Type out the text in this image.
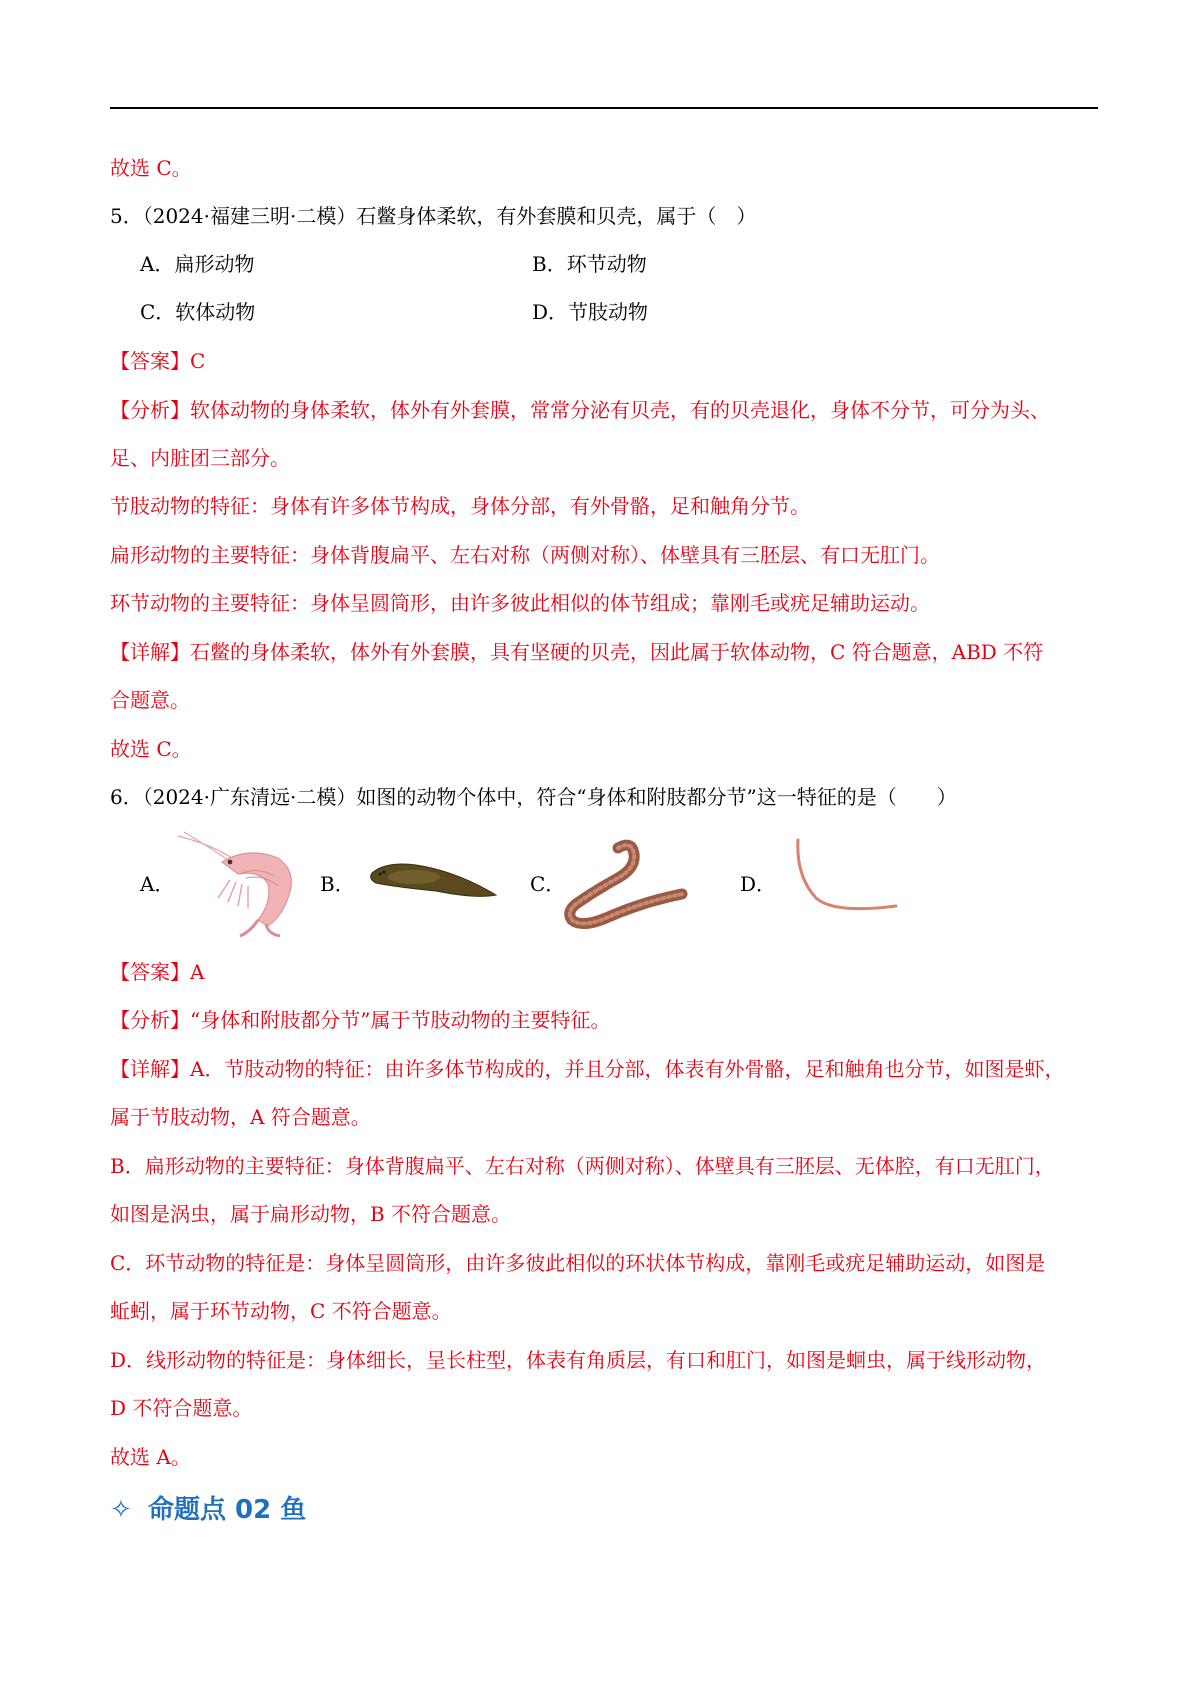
故选 C。
5．（2024·福建三明·二模）石鳖身体柔软，有外套膜和贝壳，属于（　）
A．扁形动物	B．环节动物
C．软体动物	D．节肢动物
【答案】C
【分析】软体动物的身体柔软，体外有外套膜，常常分泌有贝壳，有的贝壳退化，身体不分节，可分为头、
足、内脏团三部分。
节肢动物的特征：身体有许多体节构成，身体分部，有外骨骼，足和触角分节。
扁形动物的主要特征：身体背腹扁平、左右对称（两侧对称）、体壁具有三胚层、有口无肛门。
环节动物的主要特征：身体呈圆筒形，由许多彼此相似的体节组成；靠刚毛或疣足辅助运动。
【详解】石鳖的身体柔软，体外有外套膜，具有坚硬的贝壳，因此属于软体动物，C 符合题意，ABD 不符
合题意。
故选 C。
6．（2024·广东清远·二模）如图的动物个体中，符合“身体和附肢都分节”这一特征的是（　　）
A．	B．	C．	D．
【答案】A
【分析】“身体和附肢都分节”属于节肢动物的主要特征。
【详解】A．节肢动物的特征：由许多体节构成的，并且分部，体表有外骨骼，足和触角也分节，如图是虾，
属于节肢动物，A 符合题意。
B．扁形动物的主要特征：身体背腹扁平、左右对称（两侧对称）、体壁具有三胚层、无体腔，有口无肛门，
如图是涡虫，属于扁形动物，B 不符合题意。
C．环节动物的特征是：身体呈圆筒形，由许多彼此相似的环状体节构成，靠刚毛或疣足辅助运动，如图是
蚯蚓，属于环节动物，C 不符合题意。
D．线形动物的特征是：身体细长，呈长柱型，体表有角质层，有口和肛门，如图是蛔虫，属于线形动物，
D 不符合题意。
故选 A。
✧ 命题点 02 鱼
